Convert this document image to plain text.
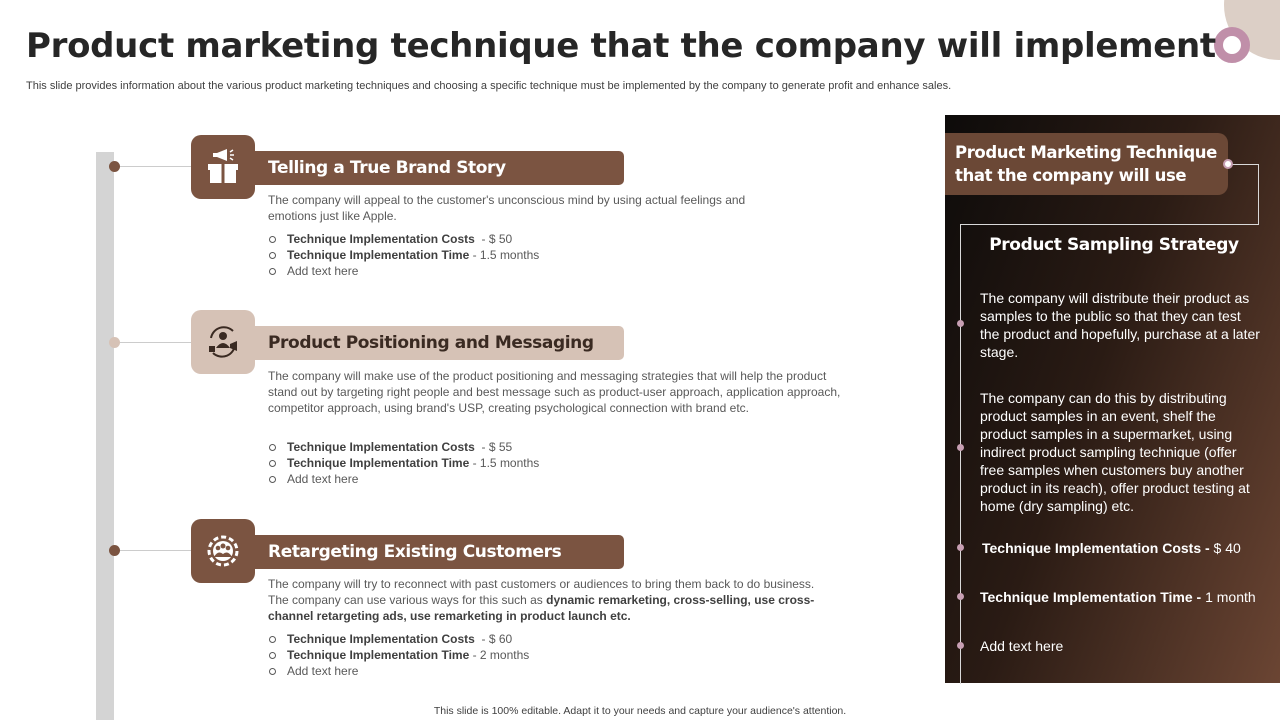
Product marketing technique that the company will implement

This slide provides information about the various product marketing techniques and choosing a specific technique must be implemented by the company to generate profit and enhance sales.

Telling a True Brand Story

The company will appeal to the customer's unconscious mind by using actual feelings and emotions just like Apple.

Technique Implementation Costs - $ 50
Technique Implementation Time - 1.5 months
Add text here
Product Positioning and Messaging

The company will make use of the product positioning and messaging strategies that will help the product stand out by targeting right people and best message such as product-user approach, application approach, competitor approach, using brand's USP, creating psychological connection with brand etc.

Technique Implementation Costs - $ 55
Technique Implementation Time - 1.5 months
Add text here
Retargeting Existing Customers

The company will try to reconnect with past customers or audiences to bring them back to do business. The company can use various ways for this such as dynamic remarketing, cross-selling, use cross-channel retargeting ads, use remarketing in product launch etc.

Technique Implementation Costs - $ 60
Technique Implementation Time - 2 months
Add text here
Product Marketing Technique that the company will use
Product Sampling Strategy

The company will distribute their product as samples to the public so that they can test the product and hopefully, purchase at a later stage.

The company can do this by distributing product samples in an event, shelf the product samples in a supermarket, using indirect product sampling technique (offer free samples when customers buy another product in its reach), offer product testing at home (dry sampling) etc.

Technique Implementation Costs - $ 40

Technique Implementation Time - 1 month

Add text here

This slide is 100% editable. Adapt it to your needs and capture your audience's attention.
